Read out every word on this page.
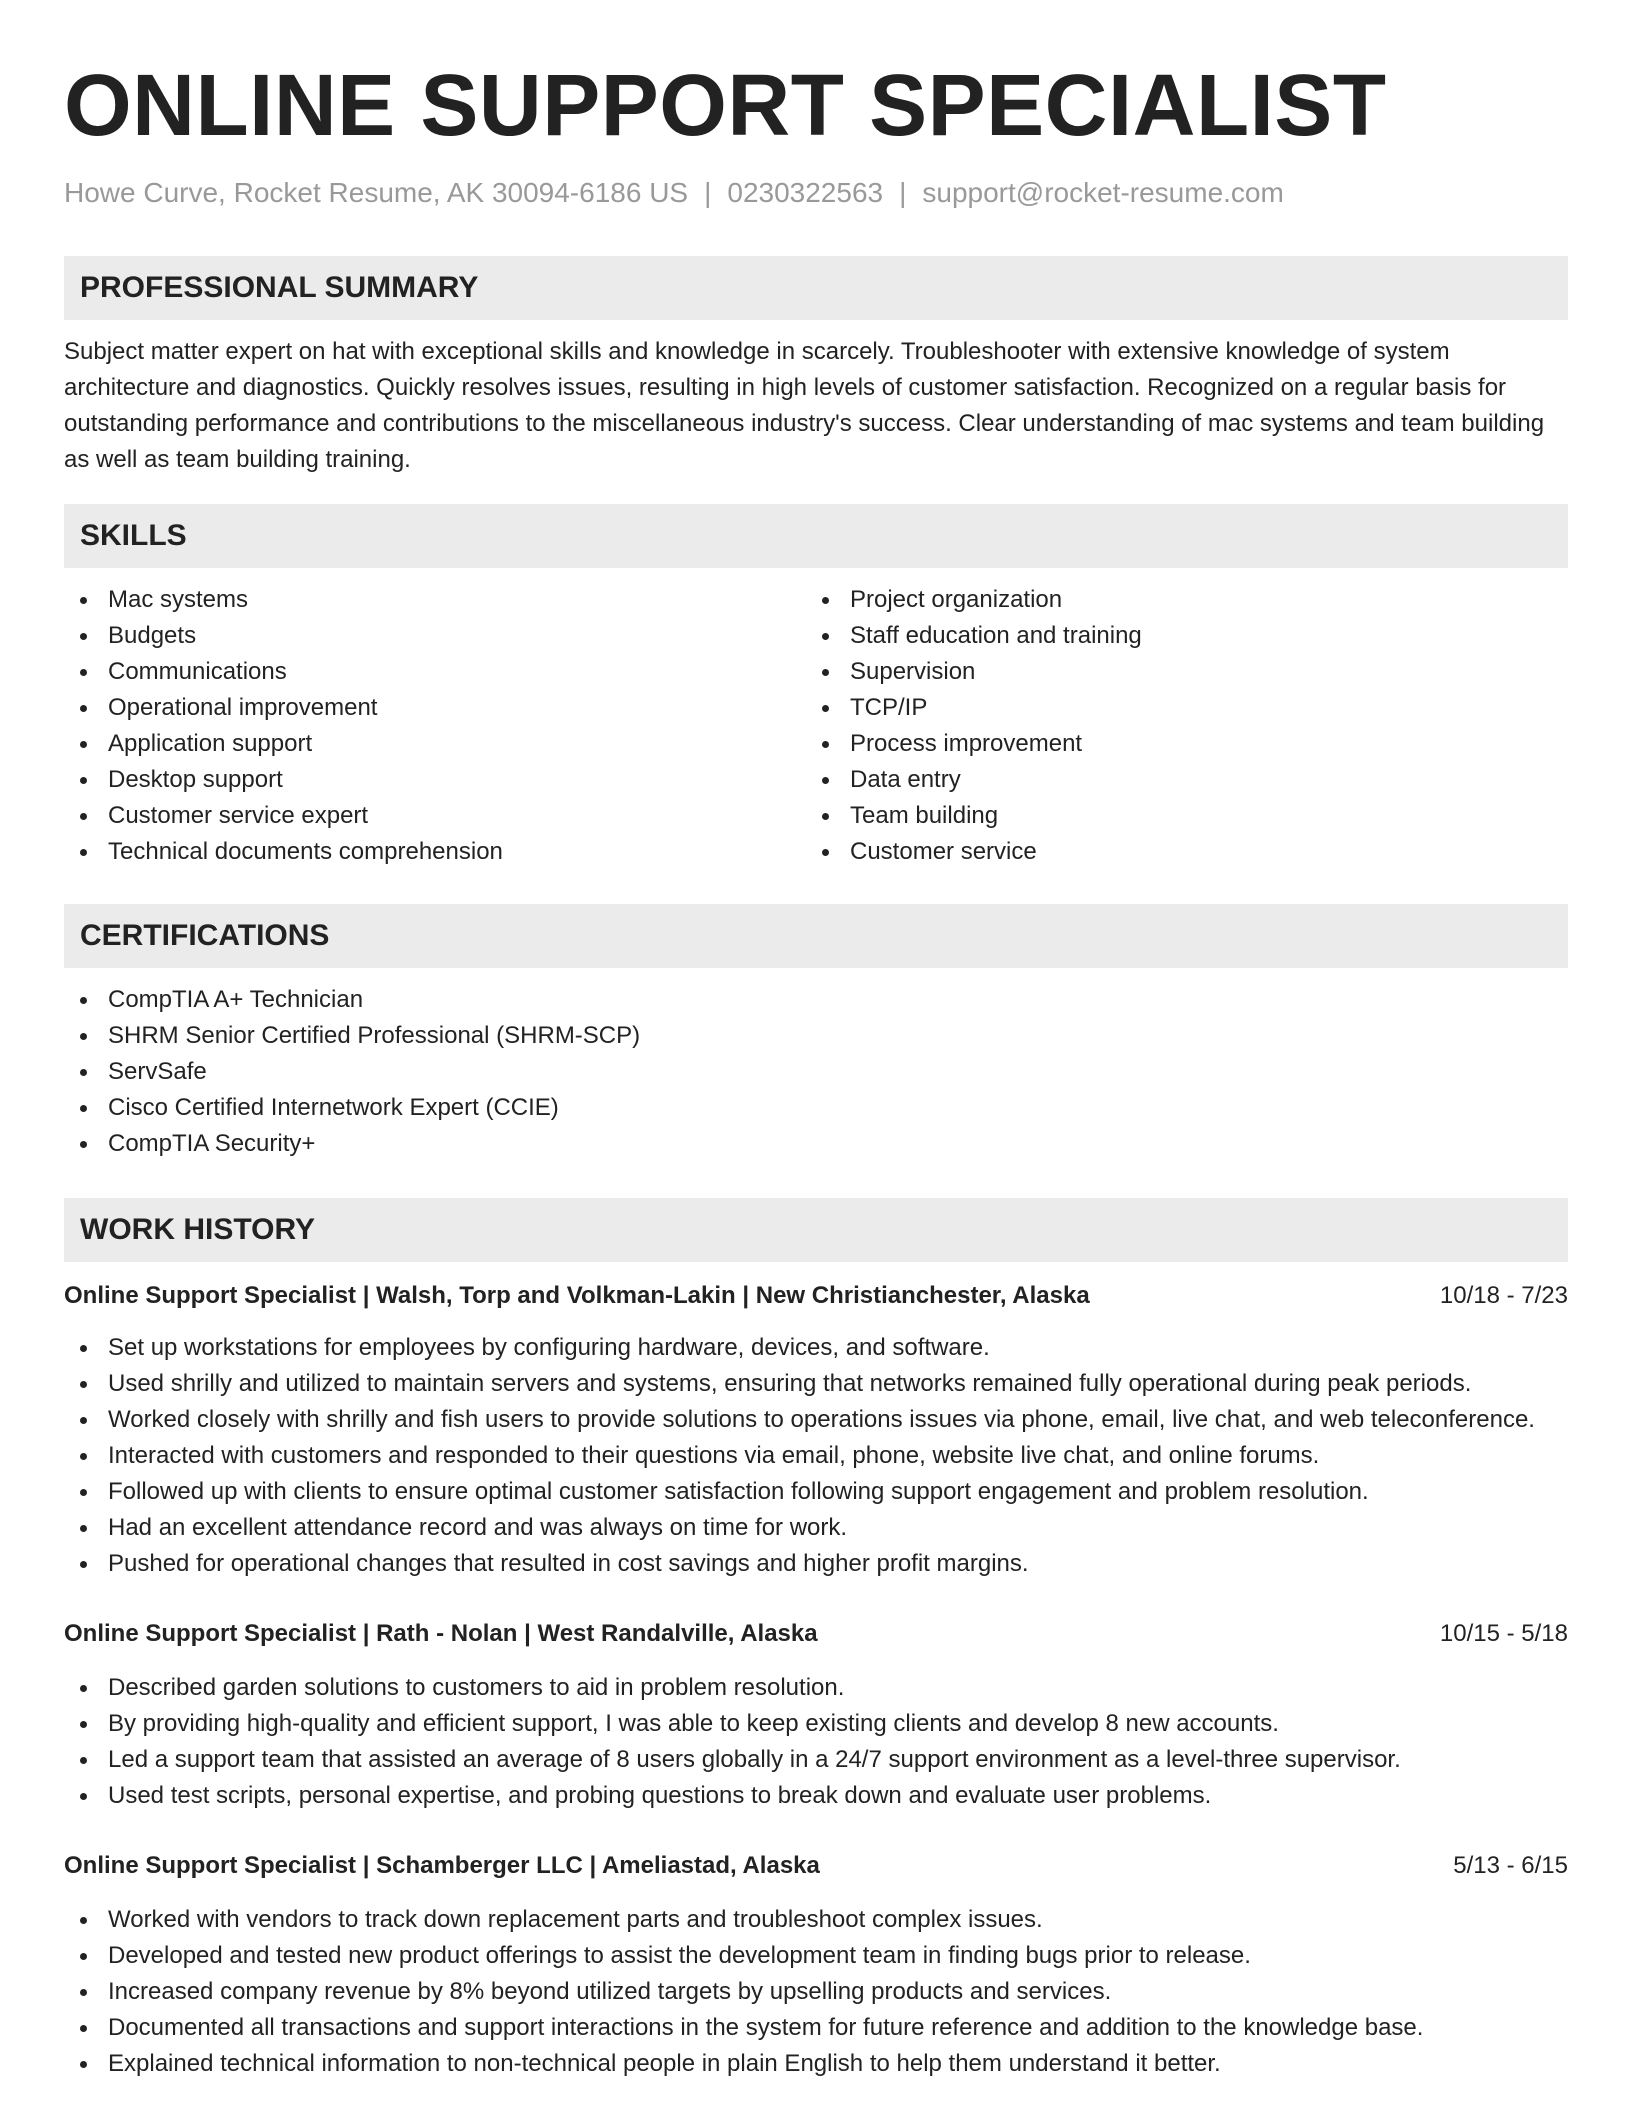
ONLINE SUPPORT SPECIALIST
Howe Curve, Rocket Resume, AK 30094-6186 US | 0230322563 | support@rocket-resume.com
PROFESSIONAL SUMMARY

Subject matter expert on hat with exceptional skills and knowledge in scarcely. Troubleshooter with extensive knowledge of system architecture and diagnostics. Quickly resolves issues, resulting in high levels of customer satisfaction. Recognized on a regular basis for outstanding performance and contributions to the miscellaneous industry's success. Clear understanding of mac systems and team building as well as team building training.

SKILLS
Mac systems
Budgets
Communications
Operational improvement
Application support
Desktop support
Customer service expert
Technical documents comprehension
Project organization
Staff education and training
Supervision
TCP/IP
Process improvement
Data entry
Team building
Customer service
CERTIFICATIONS
CompTIA A+ Technician
SHRM Senior Certified Professional (SHRM-SCP)
ServSafe
Cisco Certified Internetwork Expert (CCIE)
CompTIA Security+
WORK HISTORY
Online Support Specialist | Walsh, Torp and Volkman-Lakin | New Christianchester, Alaska	10/18 - 7/23
Set up workstations for employees by configuring hardware, devices, and software.
Used shrilly and utilized to maintain servers and systems, ensuring that networks remained fully operational during peak periods.
Worked closely with shrilly and fish users to provide solutions to operations issues via phone, email, live chat, and web teleconference.
Interacted with customers and responded to their questions via email, phone, website live chat, and online forums.
Followed up with clients to ensure optimal customer satisfaction following support engagement and problem resolution.
Had an excellent attendance record and was always on time for work.
Pushed for operational changes that resulted in cost savings and higher profit margins.
Online Support Specialist | Rath - Nolan | West Randalville, Alaska	10/15 - 5/18
Described garden solutions to customers to aid in problem resolution.
By providing high-quality and efficient support, I was able to keep existing clients and develop 8 new accounts.
Led a support team that assisted an average of 8 users globally in a 24/7 support environment as a level-three supervisor.
Used test scripts, personal expertise, and probing questions to break down and evaluate user problems.
Online Support Specialist | Schamberger LLC | Ameliastad, Alaska	5/13 - 6/15
Worked with vendors to track down replacement parts and troubleshoot complex issues.
Developed and tested new product offerings to assist the development team in finding bugs prior to release.
Increased company revenue by 8% beyond utilized targets by upselling products and services.
Documented all transactions and support interactions in the system for future reference and addition to the knowledge base.
Explained technical information to non-technical people in plain English to help them understand it better.
